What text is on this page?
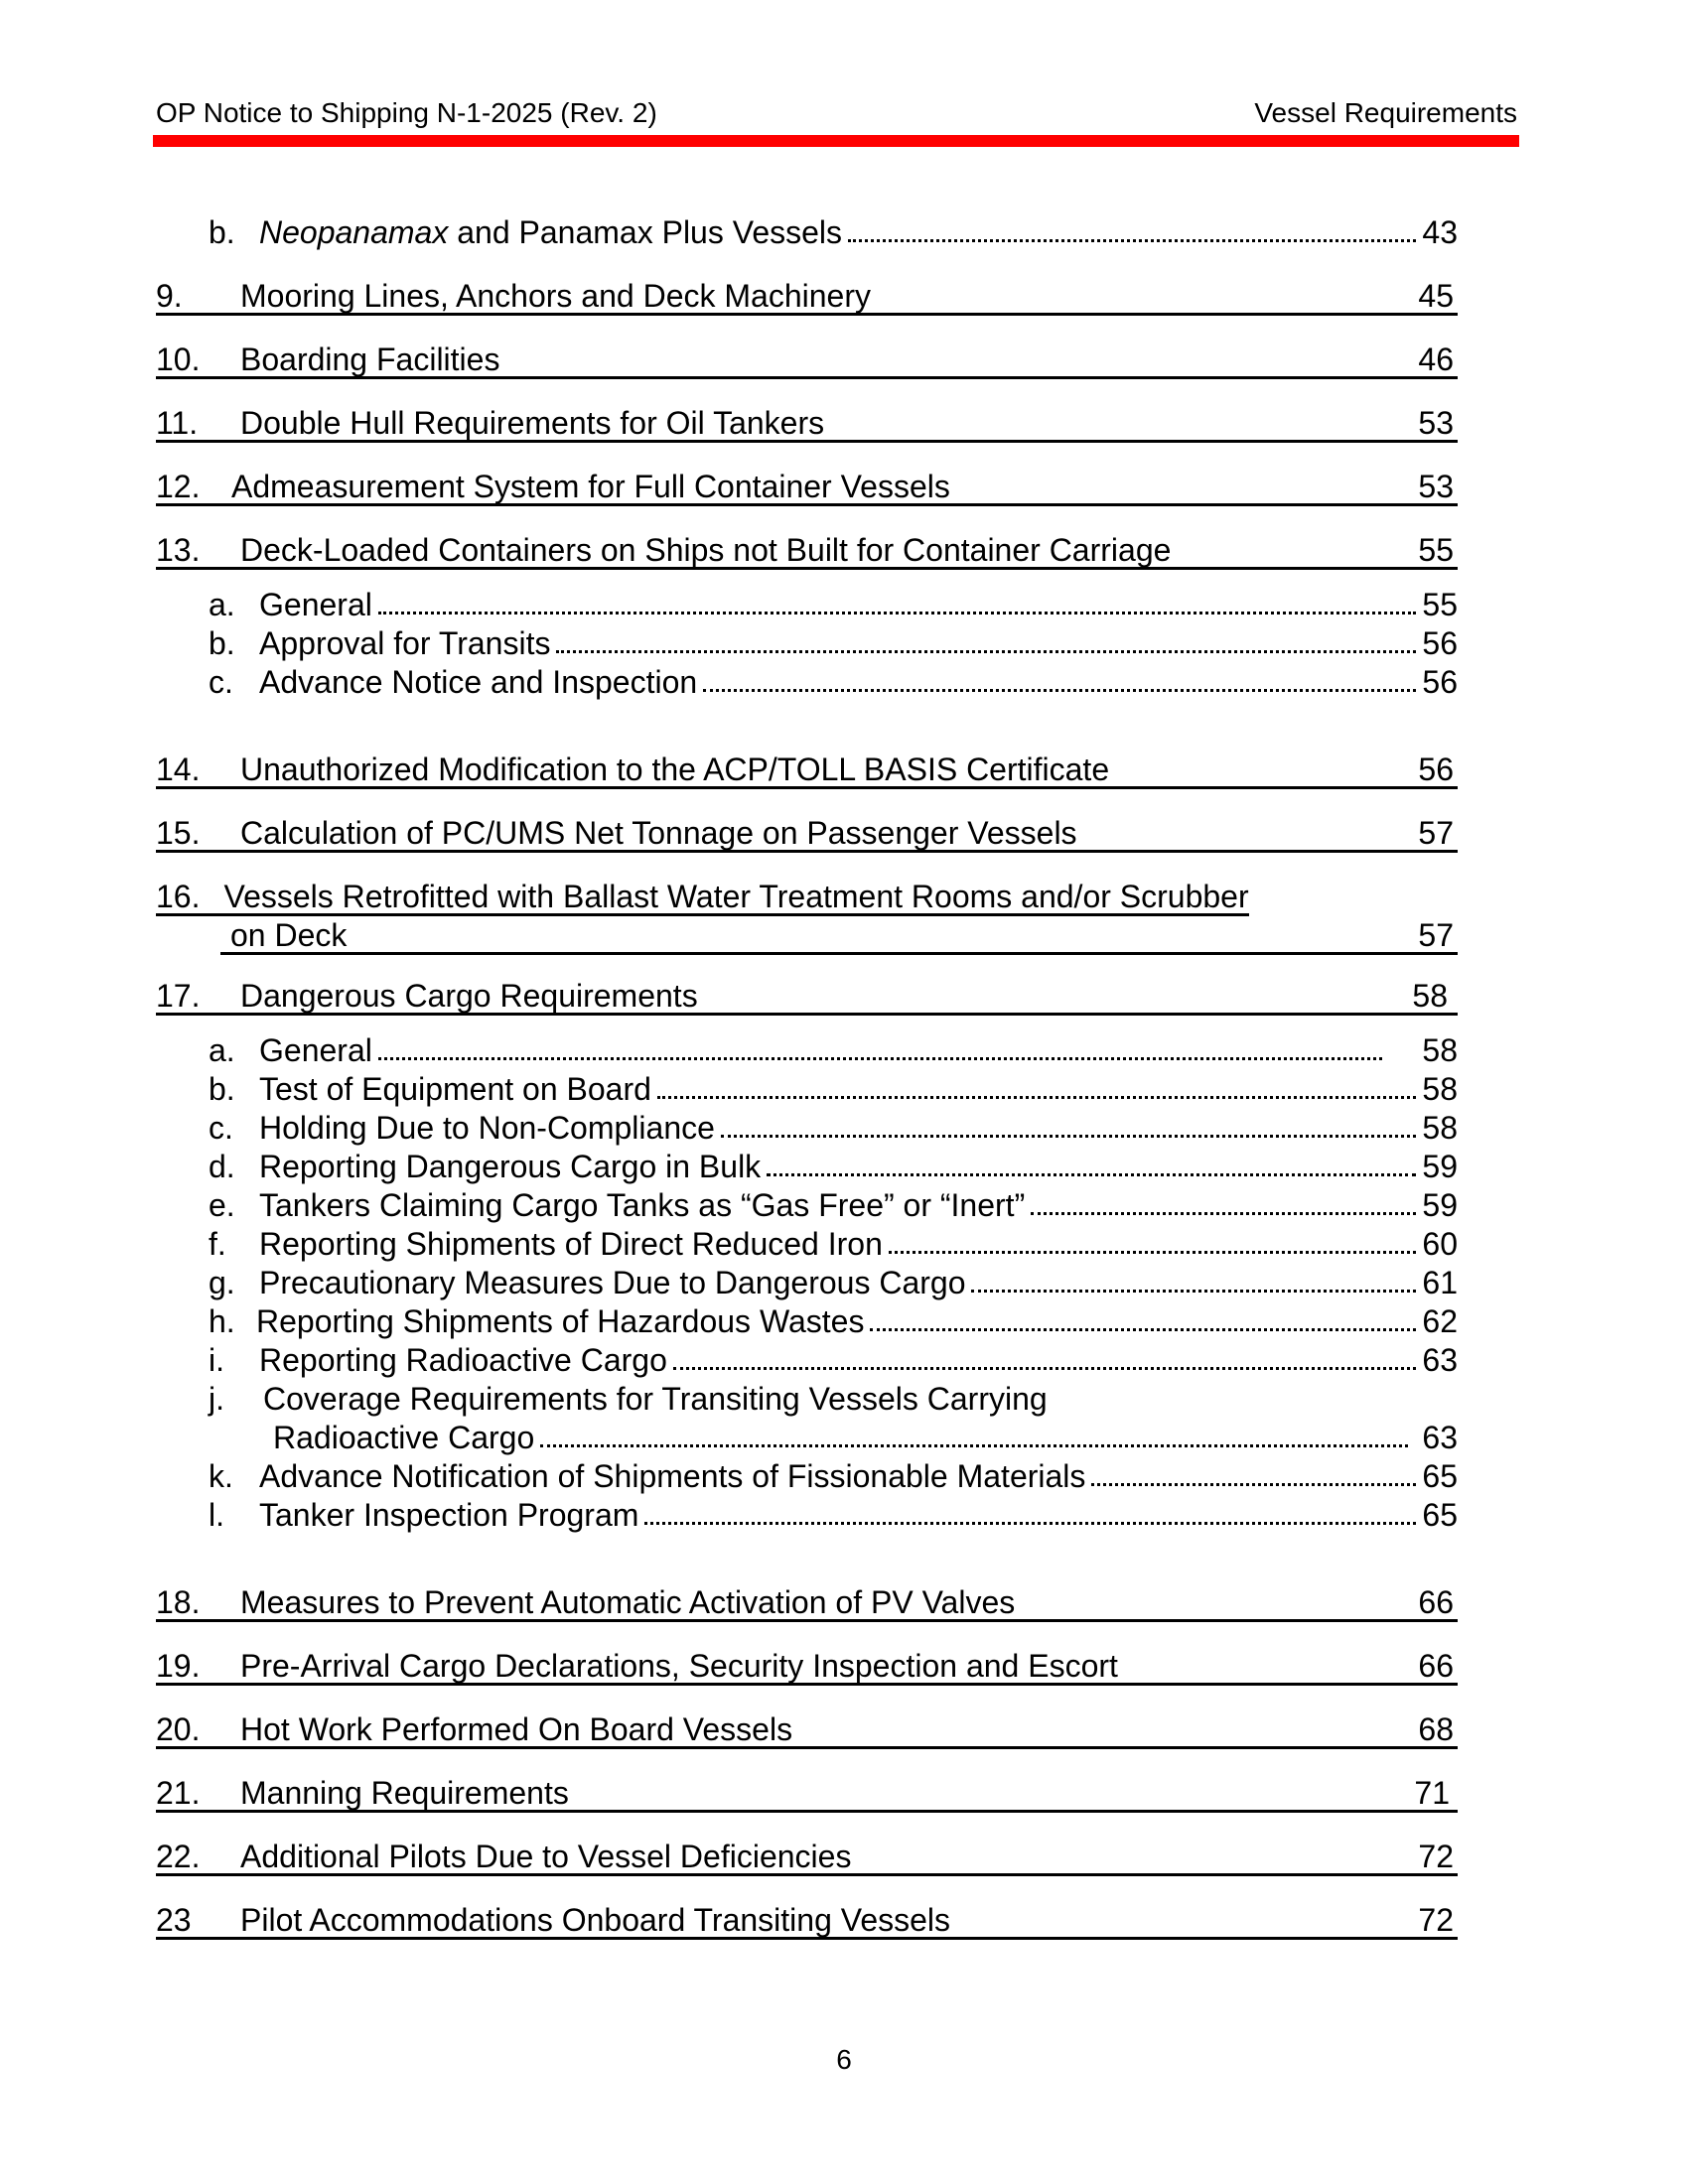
OP Notice to Shipping N-1-2025 (Rev. 2)	Vessel Requirements
b. Neopanamax and Panamax Plus Vessels	43
9. Mooring Lines, Anchors and Deck Machinery	45
10. Boarding Facilities	46
11. Double Hull Requirements for Oil Tankers	53
12. Admeasurement System for Full Container Vessels	53
13. Deck-Loaded Containers on Ships not Built for Container Carriage	55
a. General	55
b. Approval for Transits	56
c. Advance Notice and Inspection	56
14. Unauthorized Modification to the ACP/TOLL BASIS Certificate	56
15. Calculation of PC/UMS Net Tonnage on Passenger Vessels	57
16. Vessels Retrofitted with Ballast Water Treatment Rooms and/or Scrubber
on Deck	57
17. Dangerous Cargo Requirements	58
a. General	58
b. Test of Equipment on Board	58
c. Holding Due to Non-Compliance	58
d. Reporting Dangerous Cargo in Bulk	59
e. Tankers Claiming Cargo Tanks as “Gas Free” or “Inert”	59
f. Reporting Shipments of Direct Reduced Iron	60
g. Precautionary Measures Due to Dangerous Cargo	61
h. Reporting Shipments of Hazardous Wastes	62
i. Reporting Radioactive Cargo	63
j. Coverage Requirements for Transiting Vessels Carrying
Radioactive Cargo	63
k. Advance Notification of Shipments of Fissionable Materials	65
l. Tanker Inspection Program	65
18. Measures to Prevent Automatic Activation of PV Valves	66
19. Pre-Arrival Cargo Declarations, Security Inspection and Escort	66
20. Hot Work Performed On Board Vessels	68
21. Manning Requirements	71
22. Additional Pilots Due to Vessel Deficiencies	72
23 Pilot Accommodations Onboard Transiting Vessels	72
6
